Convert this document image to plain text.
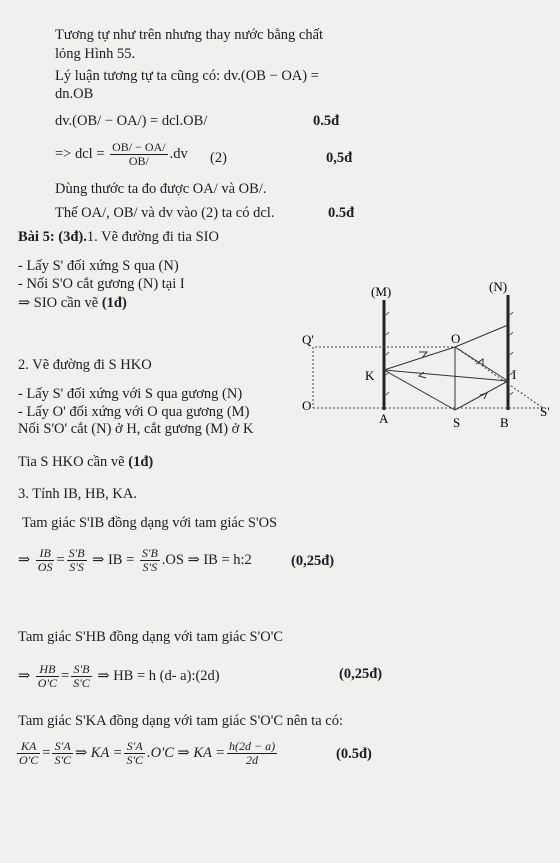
Tương tự như trên nhưng thay nước bằng chất
lỏng Hình 55.
Lý luận tương tự ta cũng có: dv.(OB − OA) =
dn.OB
dv.(OB/ − OA/) = dcl.OB/	0.5đ
=> dcl = $\frac{OB/ - OA/}{OB/} .dv$ (2)	0,5đ
Dùng thước ta đo được OA/ và OB/.
Thế OA/, OB/ và dv vào (2) ta có dcl.	0.5đ
Bài 5: (3đ).1. Vẽ đường đi tia SIO
- Lấy S' đối xứng S qua (N)
- Nối S'O cắt gương (N) tại I
⇒ SIO cần vẽ (1đ)
2. Vẽ đường đi S HKO
- Lấy S' đối xứng với S qua gương (N)
- Lấy O' đối xứng với O qua gương (M)
Nối S'O' cắt (N) ở H, cắt gương (M) ở K
Tia S HKO cần vẽ (1đ)
3. Tính IB, HB, KA.
Tam giác S'IB đồng dạng với tam giác S'OS
⇒ $\frac{IB}{OS} = \frac{S'B}{S'S}$ ⇒ IB = $\frac{S'B}{S'S} .OS$ ⇒ IB = h:2	(0,25đ)
Tam giác S'HB đồng dạng với tam giác S'O'C
⇒ $\frac{HB}{O'C} = \frac{S'B}{S'C}$ ⇒ HB = h (d- a):(2d)	(0,25đ)
Tam giác S'KA đồng dạng với tam giác S'O'C nên ta có:
$\frac{KA}{O'C} = \frac{S'A}{S'C}$ ⇒ KA = $\frac{S'A}{S'C} .O'C$ ⇒ KA = $\frac{h(2d - a)}{2d}$	(0.5đ)
(M)	(N)
Q'	O
K	I
O
A	S	B
S'
